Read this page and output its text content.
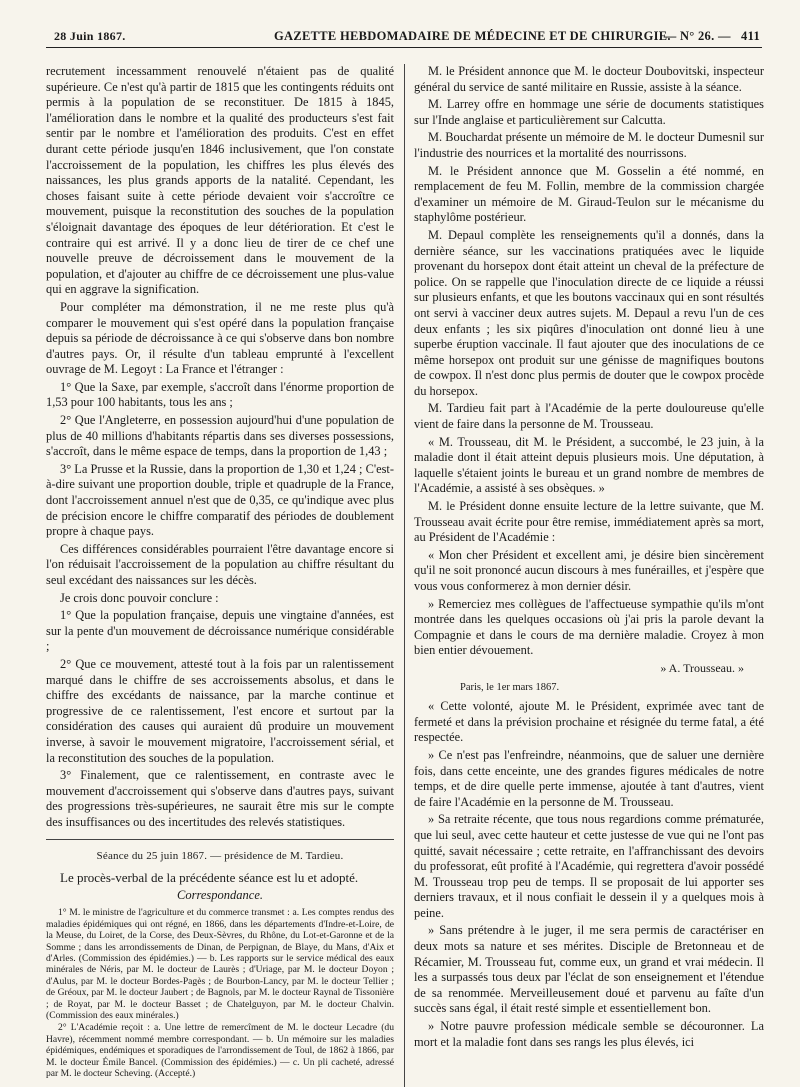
28 Juin 1867.	GAZETTE HEBDOMADAIRE DE MÉDECINE ET DE CHIRURGIE.
— N° 26. — 411

recrutement incessamment renouvelé n'étaient pas de qualité supérieure. Ce n'est qu'à partir de 1815 que les contingents réduits ont permis à la population de se reconstituer. De 1815 à 1845, l'amélioration dans le nombre et la qualité des producteurs s'est fait sentir par le nombre et l'amélioration des produits. C'est en effet durant cette période jusqu'en 1846 inclusivement, que l'on constate l'accroissement de la population, les chiffres les plus élevés des naissances, les plus grands apports de la natalité. Cependant, les choses faisant suite à cette période devaient voir s'accroître ce mouvement, puisque la reconstitution des souches de la population s'éloignait davantage des époques de leur détérioration. Et c'est le contraire qui est arrivé. Il y a donc lieu de tirer de ce chef une nouvelle preuve de décroissement dans le mouvement de la population, et d'ajouter au chiffre de ce décroissement une plus-value qui en aggrave la signification.

Pour compléter ma démonstration, il ne me reste plus qu'à comparer le mouvement qui s'est opéré dans la population française depuis sa période de décroissance à ce qui s'observe dans bon nombre d'autres pays. Or, il résulte d'un tableau emprunté à l'excellent ouvrage de M. Legoyt : La France et l'étranger :

1° Que la Saxe, par exemple, s'accroît dans l'énorme proportion de 1,53 pour 100 habitants, tous les ans ;

2° Que l'Angleterre, en possession aujourd'hui d'une population de plus de 40 millions d'habitants répartis dans ses diverses possessions, s'accroît, dans le même espace de temps, dans la proportion de 1,43 ;

3° La Prusse et la Russie, dans la proportion de 1,30 et 1,24 ; C'est-à-dire suivant une proportion double, triple et quadruple de la France, dont l'accroissement annuel n'est que de 0,35, ce qu'indique avec plus de précision encore le chiffre comparatif des périodes de doublement propre à chaque pays.

Ces différences considérables pourraient l'être davantage encore si l'on réduisait l'accroissement de la population au chiffre résultant du seul excédant des naissances sur les décès.

Je crois donc pouvoir conclure :

1° Que la population française, depuis une vingtaine d'années, est sur la pente d'un mouvement de décroissance numérique considérable ;

2° Que ce mouvement, attesté tout à la fois par un ralentissement marqué dans le chiffre de ses accroissements absolus, et dans le chiffre des excédants de naissance, par la marche continue et progressive de ce ralentissement, l'est encore et surtout par la considération des causes qui auraient dû produire un mouvement inverse, à savoir le mouvement migratoire, l'accroissement sérial, et la reconstitution des souches de la population.

3° Finalement, que ce ralentissement, en contraste avec le mouvement d'accroissement qui s'observe dans d'autres pays, suivant des progressions très-supérieures, ne saurait être mis sur le compte des insuffisances ou des incertitudes des relevés statistiques.

Séance du 25 juin 1867. — présidence de M. Tardieu.

Le procès-verbal de la précédente séance est lu et adopté.

Correspondance.

1° M. le ministre de l'agriculture et du commerce transmet : a. Les comptes rendus des maladies épidémiques qui ont régné, en 1866, dans les départements d'Indre-et-Loire, de la Meuse, du Loiret, de la Corse, des Deux-Sèvres, du Rhône, du Lot-et-Garonne et de la Somme ; dans les arrondissements de Dinan, de Perpignan, de Blaye, du Mans, d'Aix et d'Arles. (Commission des épidémies.) — b. Les rapports sur le service médical des eaux minérales de Néris, par M. le docteur de Laurès ; d'Uriage, par M. le docteur Doyon ; d'Aulus, par M. le docteur Bordes-Pagès ; de Bourbon-Lancy, par M. le docteur Tellier ; de Gréoux, par M. le docteur Jaubert ; de Bagnols, par M. le docteur Raynal de Tissonière ; de Royat, par M. le docteur Basset ; de Chatelguyon, par M. le docteur Chalvin. (Commission des eaux minérales.)

2° L'Académie reçoit : a. Une lettre de remercîment de M. le docteur Lecadre (du Havre), récemment nommé membre correspondant. — b. Un mémoire sur les maladies épidémiques, endémiques et sporadiques de l'arrondissement de Toul, de 1862 à 1866, par M. le docteur Émile Bancel. (Commission des épidémies.) — c. Un pli cacheté, adressé par M. le docteur Scheving. (Accepté.)

M. le Président annonce que M. le docteur Doubovitski, inspecteur général du service de santé militaire en Russie, assiste à la séance.

M. Larrey offre en hommage une série de documents statistiques sur l'Inde anglaise et particulièrement sur Calcutta.

M. Bouchardat présente un mémoire de M. le docteur Dumesnil sur l'industrie des nourrices et la mortalité des nourrissons.

M. le Président annonce que M. Gosselin a été nommé, en remplacement de feu M. Follin, membre de la commission chargée d'examiner un mémoire de M. Giraud-Teulon sur le mécanisme du staphylôme postérieur.

M. Depaul complète les renseignements qu'il a donnés, dans la dernière séance, sur les vaccinations pratiquées avec le liquide provenant du horsepox dont était atteint un cheval de la préfecture de police. On se rappelle que l'inoculation directe de ce liquide a réussi sur plusieurs enfants, et que les boutons vaccinaux qui en sont résultés ont servi à vacciner deux autres sujets. M. Depaul a revu l'un de ces deux enfants ; les six piqûres d'inoculation ont donné lieu à une superbe éruption vaccinale. Il faut ajouter que des inoculations de ce même horsepox ont produit sur une génisse de magnifiques boutons de cowpox. Il n'est donc plus permis de douter que le cowpox procède du horsepox.

M. Tardieu fait part à l'Académie de la perte douloureuse qu'elle vient de faire dans la personne de M. Trousseau.

« M. Trousseau, dit M. le Président, a succombé, le 23 juin, à la maladie dont il était atteint depuis plusieurs mois. Une députation, à laquelle s'étaient joints le bureau et un grand nombre de membres de l'Académie, a assisté à ses obsèques. »

M. le Président donne ensuite lecture de la lettre suivante, que M. Trousseau avait écrite pour être remise, immédiatement après sa mort, au Président de l'Académie :

« Mon cher Président et excellent ami, je désire bien sincèrement qu'il ne soit prononcé aucun discours à mes funérailles, et j'espère que vous vous conformerez à mon dernier désir.

» Remerciez mes collègues de l'affectueuse sympathie qu'ils m'ont montrée dans les quelques occasions où j'ai pris la parole devant la Compagnie et dans le cours de ma dernière maladie. Croyez à mon bien entier dévouement.

» A. Trousseau. »
Paris, le 1er mars 1867.

« Cette volonté, ajoute M. le Président, exprimée avec tant de fermeté et dans la prévision prochaine et résignée du terme fatal, a été respectée.

» Ce n'est pas l'enfreindre, néanmoins, que de saluer une dernière fois, dans cette enceinte, une des grandes figures médicales de notre temps, et de dire quelle perte immense, ajoutée à tant d'autres, vient de faire l'Académie en la personne de M. Trousseau.

» Sa retraite récente, que tous nous regardions comme prématurée, que lui seul, avec cette hauteur et cette justesse de vue qui ne l'ont pas quitté, savait nécessaire ; cette retraite, en l'affranchissant des devoirs du professorat, eût profité à l'Académie, qui regrettera d'avoir possédé M. Trousseau trop peu de temps. Il se proposait de lui apporter ses derniers travaux, et il nous confiait le dessein il y a quelques mois à peine.

» Sans prétendre à le juger, il me sera permis de caractériser en deux mots sa nature et ses mérites. Disciple de Bretonneau et de Récamier, M. Trousseau fut, comme eux, un grand et vrai médecin. Il les a surpassés tous deux par l'éclat de son enseignement et l'étendue de sa renommée. Merveilleusement doué et parvenu au faîte d'un succès sans égal, il était resté simple et essentiellement bon.

» Notre pauvre profession médicale semble se découronner. La mort et la maladie font dans ses rangs les plus élevés, ici
